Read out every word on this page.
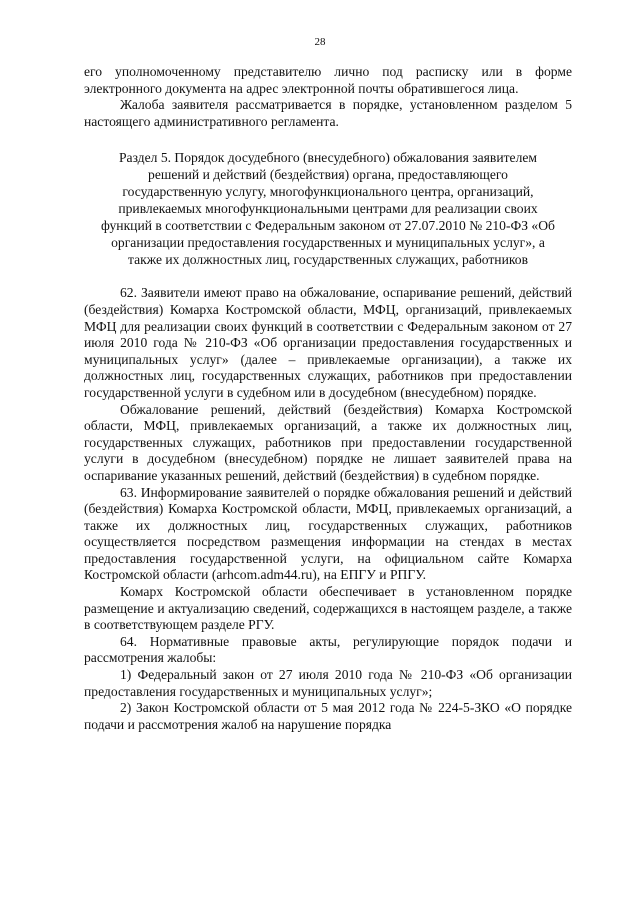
28

его уполномоченному представителю лично под расписку или в форме электронного документа на адрес электронной почты обратившегося лица.

Жалоба заявителя рассматривается в порядке, установленном разделом 5 настоящего административного регламента.

Раздел 5. Порядок досудебного (внесудебного) обжалования заявителем решений и действий (бездействия) органа, предоставляющего государственную услугу, многофункционального центра, организаций, привлекаемых многофункциональными центрами для реализации своих функций в соответствии с Федеральным законом от 27.07.2010 № 210-ФЗ «Об организации предоставления государственных и муниципальных услуг», а также их должностных лиц, государственных служащих, работников

62. Заявители имеют право на обжалование, оспаривание решений, действий (бездействия) Комарха Костромской области, МФЦ, организаций, привлекаемых МФЦ для реализации своих функций в соответствии с Федеральным законом от 27 июля 2010 года № 210-ФЗ «Об организации предоставления государственных и муниципальных услуг» (далее – привлекаемые организации), а также их должностных лиц, государственных служащих, работников при предоставлении государственной услуги в судебном или в досудебном (внесудебном) порядке.

Обжалование решений, действий (бездействия) Комарха Костромской области, МФЦ, привлекаемых организаций, а также их должностных лиц, государственных служащих, работников при предоставлении государственной услуги в досудебном (внесудебном) порядке не лишает заявителей права на оспаривание указанных решений, действий (бездействия) в судебном порядке.

63. Информирование заявителей о порядке обжалования решений и действий (бездействия) Комарха Костромской области, МФЦ, привлекаемых организаций, а также их должностных лиц, государственных служащих, работников осуществляется посредством размещения информации на стендах в местах предоставления государственной услуги, на официальном сайте Комарха Костромской области (arhcom.adm44.ru), на ЕПГУ и РПГУ.

Комарх Костромской области обеспечивает в установленном порядке размещение и актуализацию сведений, содержащихся в настоящем разделе, а также в соответствующем разделе РГУ.

64. Нормативные правовые акты, регулирующие порядок подачи и рассмотрения жалобы:

1) Федеральный закон от 27 июля 2010 года № 210-ФЗ «Об организации предоставления государственных и муниципальных услуг»;

2) Закон Костромской области от 5 мая 2012 года № 224-5-ЗКО «О порядке подачи и рассмотрения жалоб на нарушение порядка
